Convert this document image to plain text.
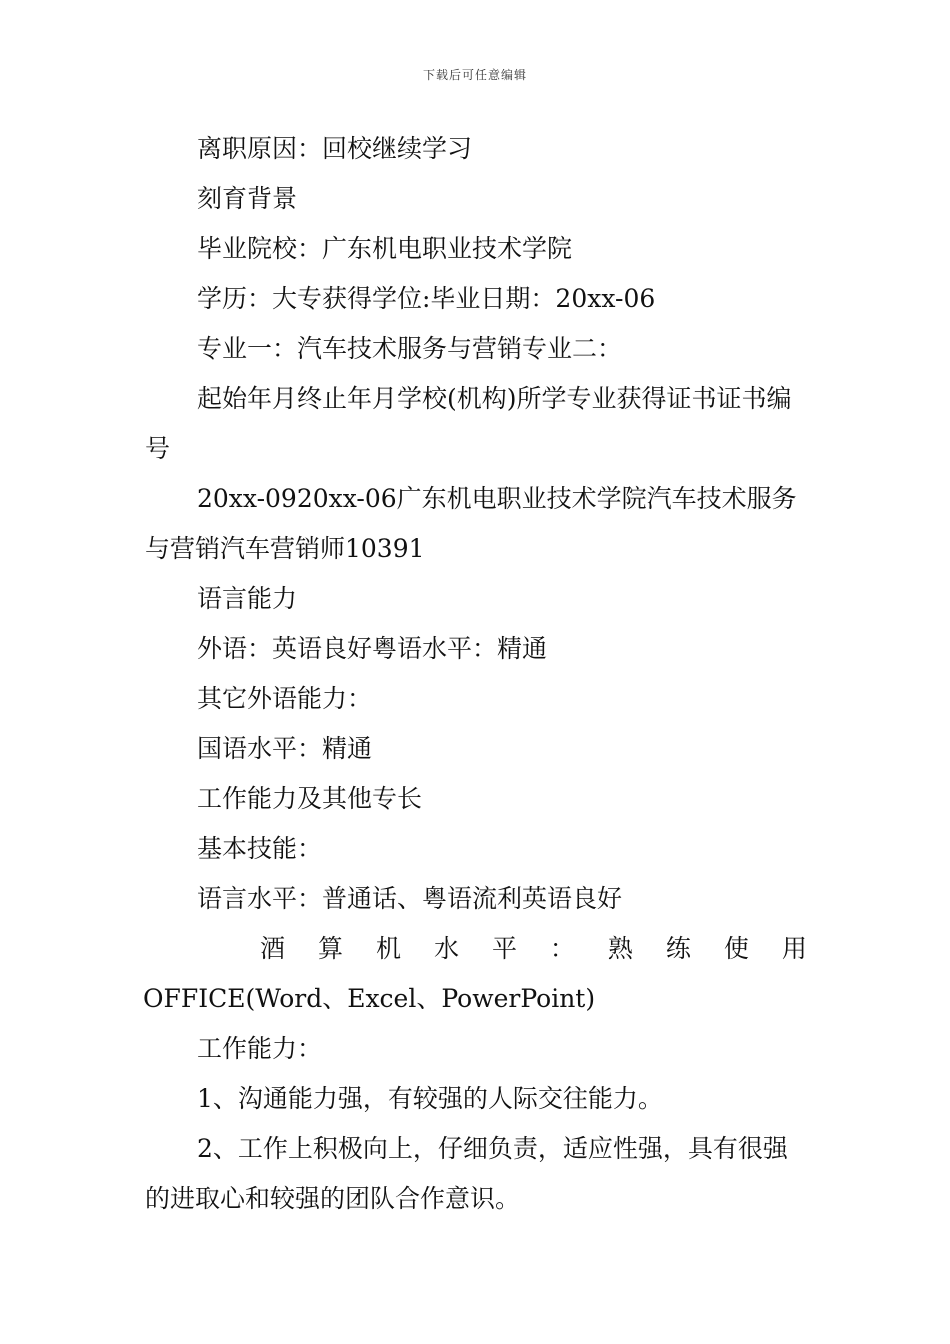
下载后可任意编辑

离职原因：回校继续学习

刻育背景

毕业院校：广东机电职业技术学院

学历：大专获得学位:毕业日期：20xx-06

专业一：汽车技术服务与营销专业二：

起始年月终止年月学校(机构)所学专业获得证书证书编号

20xx-0920xx-06广东机电职业技术学院汽车技术服务与营销汽车营销师10391

语言能力

外语：英语良好粤语水平：精通

其它外语能力：

国语水平：精通

工作能力及其他专长

基本技能：

语言水平：普通话、粤语流利英语良好

酒 算 机 水 平 ： 熟 练 使 用

OFFICE(Word、Excel、PowerPoint)

工作能力：

1、沟通能力强，有较强的人际交往能力。

2、工作上积极向上，仔细负责，适应性强，具有很强的进取心和较强的团队合作意识。
